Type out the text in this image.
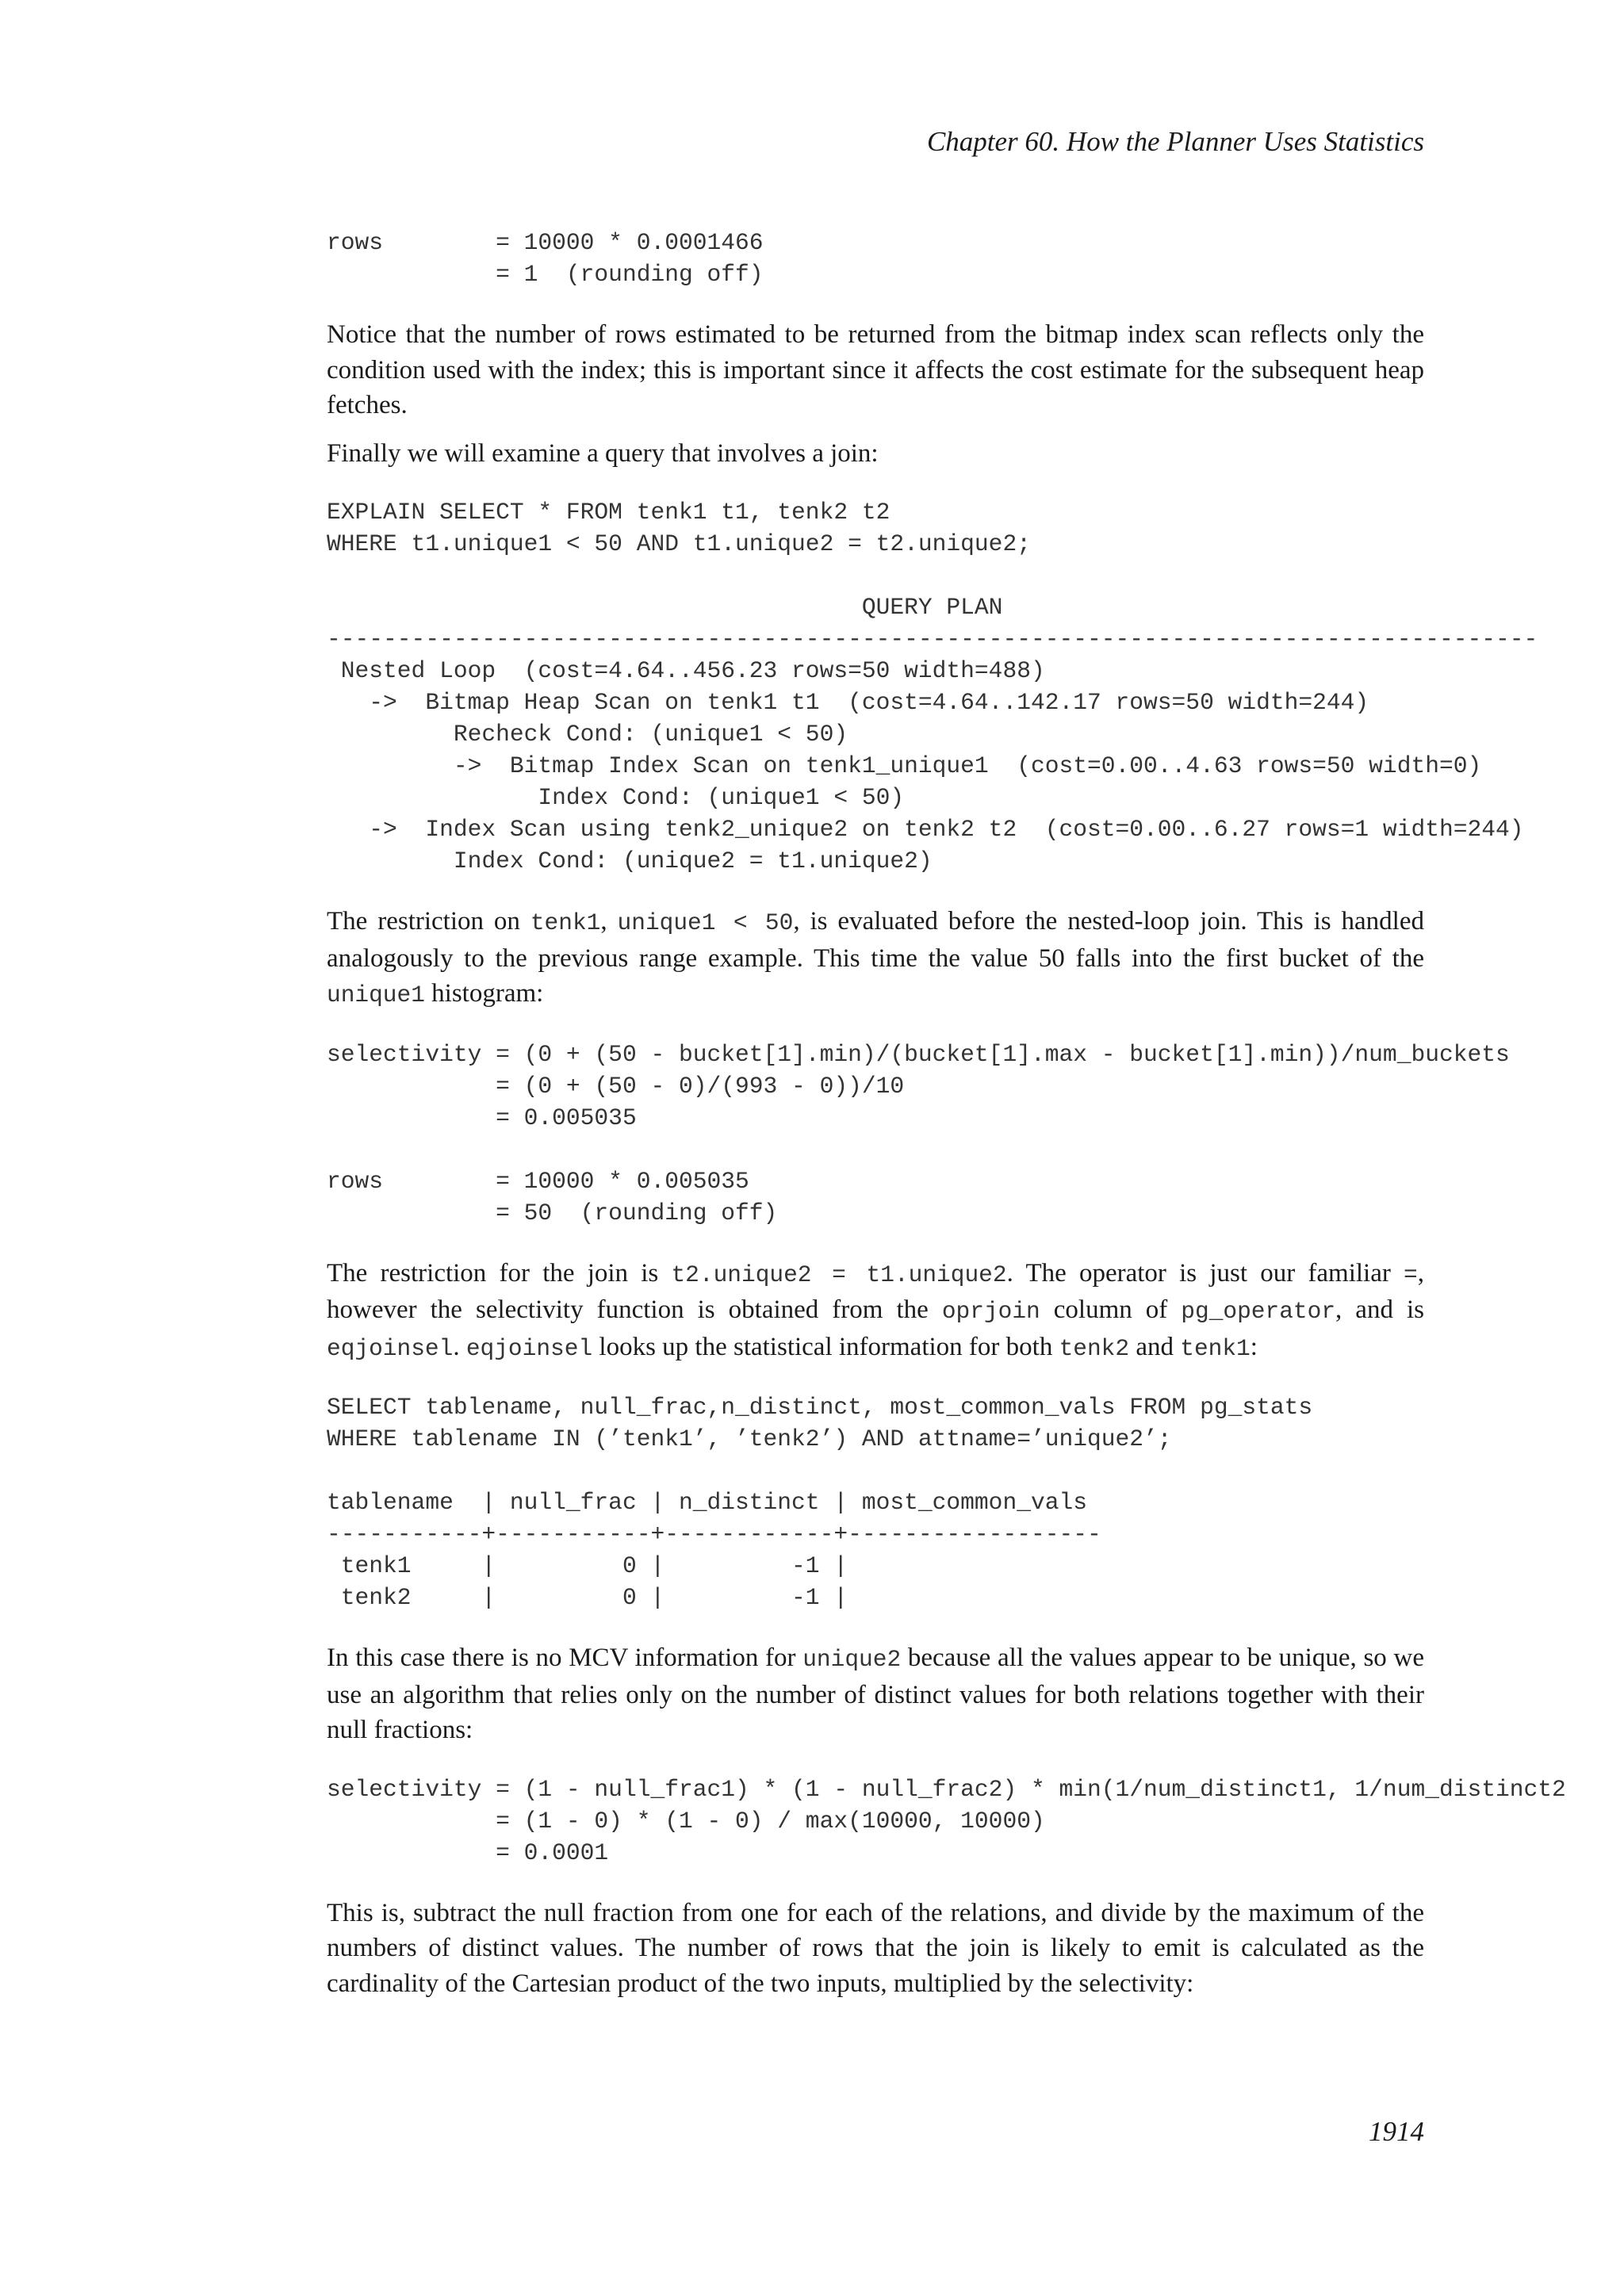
Chapter 60. How the Planner Uses Statistics
rows        = 10000 * 0.0001466
= 1  (rounding off)

Notice that the number of rows estimated to be returned from the bitmap index scan reflects only the condition used with the index; this is important since it affects the cost estimate for the subsequent heap fetches.

Finally we will examine a query that involves a join:

EXPLAIN SELECT * FROM tenk1 t1, tenk2 t2
WHERE t1.unique1 < 50 AND t1.unique2 = t2.unique2;
QUERY PLAN
--------------------------------------------------------------------------------------
Nested Loop  (cost=4.64..456.23 rows=50 width=488)
->  Bitmap Heap Scan on tenk1 t1  (cost=4.64..142.17 rows=50 width=244)
Recheck Cond: (unique1 < 50)
->  Bitmap Index Scan on tenk1_unique1  (cost=0.00..4.63 rows=50 width=0)
Index Cond: (unique1 < 50)
->  Index Scan using tenk2_unique2 on tenk2 t2  (cost=0.00..6.27 rows=1 width=244)
Index Cond: (unique2 = t1.unique2)

The restriction on tenk1, unique1 < 50, is evaluated before the nested-loop join. This is handled analogously to the previous range example. This time the value 50 falls into the first bucket of the unique1 histogram:

selectivity = (0 + (50 - bucket[1].min)/(bucket[1].max - bucket[1].min))/num_buckets
= (0 + (50 - 0)/(993 - 0))/10
= 0.005035

rows        = 10000 * 0.005035
= 50  (rounding off)

The restriction for the join is t2.unique2 = t1.unique2. The operator is just our familiar =, however the selectivity function is obtained from the oprjoin column of pg_operator, and is eqjoinsel. eqjoinsel looks up the statistical information for both tenk2 and tenk1:

SELECT tablename, null_frac,n_distinct, most_common_vals FROM pg_stats
WHERE tablename IN (’tenk1’, ’tenk2’) AND attname=’unique2’;
tablename  | null_frac | n_distinct | most_common_vals
-----------+-----------+------------+------------------
tenk1     |         0 |         -1 |
tenk2     |         0 |         -1 |

In this case there is no MCV information for unique2 because all the values appear to be unique, so we use an algorithm that relies only on the number of distinct values for both relations together with their null fractions:

selectivity = (1 - null_frac1) * (1 - null_frac2) * min(1/num_distinct1, 1/num_distinct2
= (1 - 0) * (1 - 0) / max(10000, 10000)
= 0.0001

This is, subtract the null fraction from one for each of the relations, and divide by the maximum of the numbers of distinct values. The number of rows that the join is likely to emit is calculated as the cardinality of the Cartesian product of the two inputs, multiplied by the selectivity:

1914
